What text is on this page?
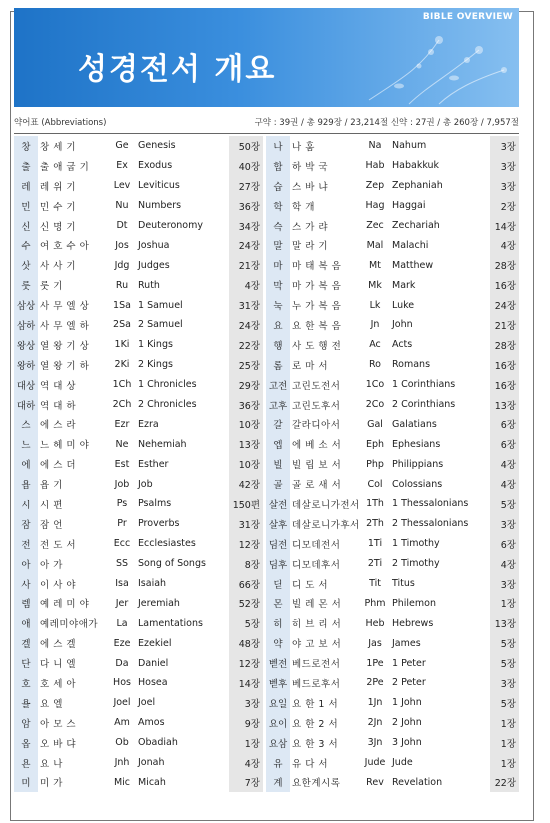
BIBLE OVERVIEW
성경전서 개요
약어표 (Abbreviations)	구약 : 39권 / 총 929장 / 23,214절 신약 : 27권 / 총 260장 / 7,957절
창	창 세 기	Ge	Genesis	50장
출	출 애 굽 기	Ex	Exodus	40장
레	레 위 기	Lev	Leviticus	27장
민	민 수 기	Nu	Numbers	36장
신	신 명 기	Dt	Deuteronomy	34장
수	여 호 수 아	Jos	Joshua	24장
삿	사 사 기	Jdg	Judges	21장
룻	룻 기	Ru	Ruth	4장
삼상	사 무 엘 상	1Sa	1 Samuel	31장
삼하	사 무 엘 하	2Sa	2 Samuel	24장
왕상	열 왕 기 상	1Ki	1 Kings	22장
왕하	열 왕 기 하	2Ki	2 Kings	25장
대상	역 대 상	1Ch	1 Chronicles	29장
대하	역 대 하	2Ch	2 Chronicles	36장
스	에 스 라	Ezr	Ezra	10장
느	느 헤 미 야	Ne	Nehemiah	13장
에	에 스 더	Est	Esther	10장
욥	욥 기	Job	Job	42장
시	시 편	Ps	Psalms	150편
잠	잠 언	Pr	Proverbs	31장
전	전 도 서	Ecc	Ecclesiastes	12장
아	아 가	SS	Song of Songs	8장
사	이 사 야	Isa	Isaiah	66장
렘	예 레 미 야	Jer	Jeremiah	52장
애	예레미야애가	La	Lamentations	5장
겔	에 스 겔	Eze	Ezekiel	48장
단	다 니 엘	Da	Daniel	12장
호	호 세 아	Hos	Hosea	14장
욜	요 엘	Joel	Joel	3장
암	아 모 스	Am	Amos	9장
옵	오 바 댜	Ob	Obadiah	1장
욘	요 나	Jnh	Jonah	4장
미	미 가	Mic	Micah	7장
나	나 훔	Na	Nahum	3장
합	하 박 국	Hab	Habakkuk	3장
습	스 바 냐	Zep	Zephaniah	3장
학	학 개	Hag	Haggai	2장
슥	스 가 랴	Zec	Zechariah	14장
말	말 라 기	Mal	Malachi	4장
마	마 태 복 음	Mt	Matthew	28장
막	마 가 복 음	Mk	Mark	16장
눅	누 가 복 음	Lk	Luke	24장
요	요 한 복 음	Jn	John	21장
행	사 도 행 전	Ac	Acts	28장
롬	로 마 서	Ro	Romans	16장
고전	고린도전서	1Co	1 Corinthians	16장
고후	고린도후서	2Co	2 Corinthians	13장
갈	갈라디아서	Gal	Galatians	6장
엡	에 베 소 서	Eph	Ephesians	6장
빌	빌 립 보 서	Php	Philippians	4장
골	골 로 새 서	Col	Colossians	4장
살전	데살로니가전서	1Th	1 Thessalonians	5장
살후	데살로니가후서	2Th	2 Thessalonians	3장
딤전	디모데전서	1Ti	1 Timothy	6장
딤후	디모데후서	2Ti	2 Timothy	4장
딛	디 도 서	Tit	Titus	3장
몬	빌 레 몬 서	Phm	Philemon	1장
히	히 브 리 서	Heb	Hebrews	13장
약	야 고 보 서	Jas	James	5장
벧전	베드로전서	1Pe	1 Peter	5장
벧후	베드로후서	2Pe	2 Peter	3장
요일	요 한 1 서	1Jn	1 John	5장
요이	요 한 2 서	2Jn	2 John	1장
요삼	요 한 3 서	3Jn	3 John	1장
유	유 다 서	Jude	Jude	1장
계	요한계시록	Rev	Revelation	22장
